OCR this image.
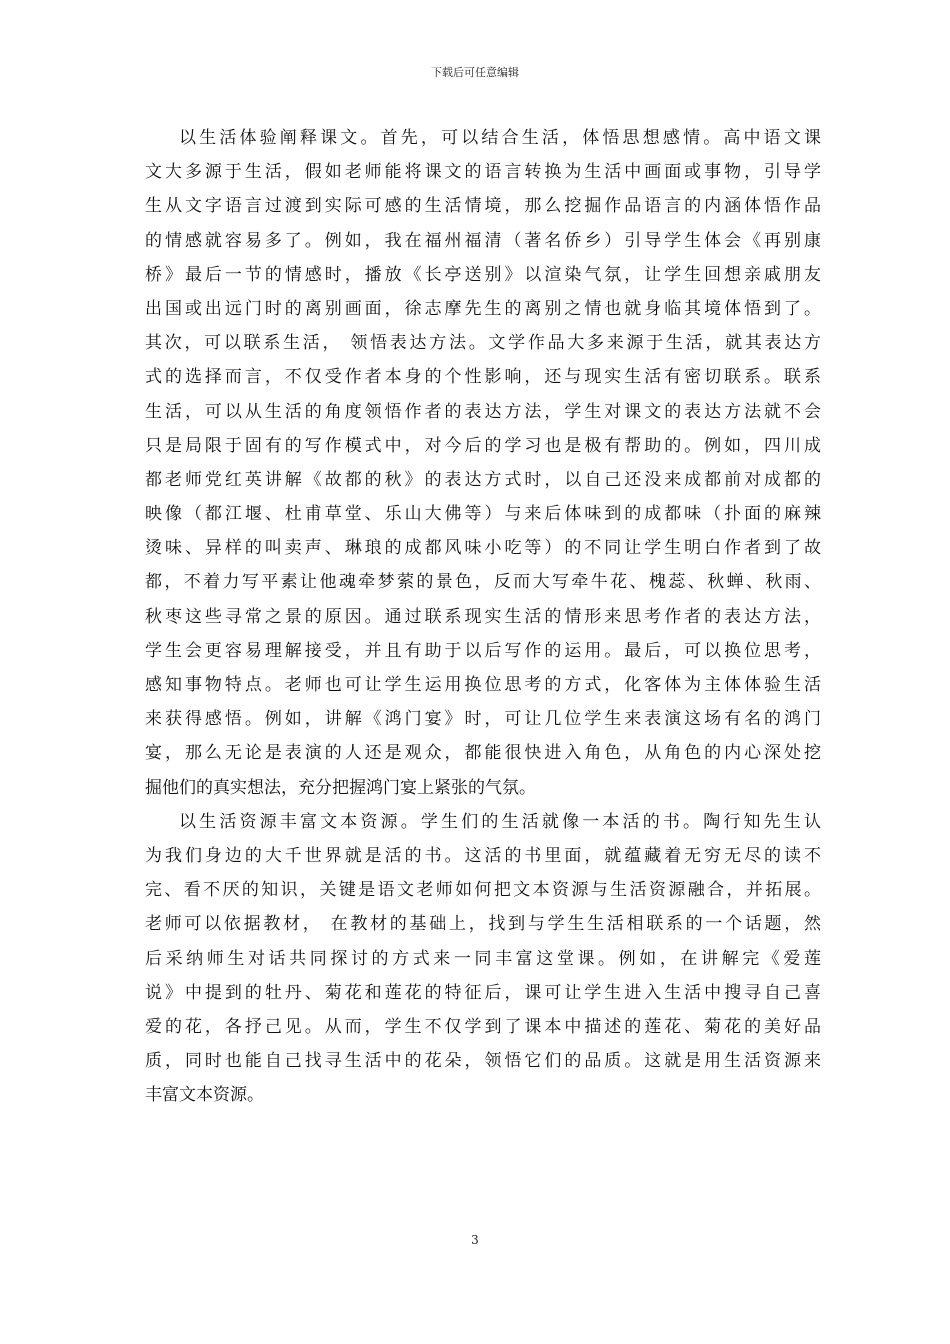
下载后可任意编辑
以生活体验阐释课文。首先，可以结合生活，体悟思想感情。高中语文课
文大多源于生活，假如老师能将课文的语言转换为生活中画面或事物，引导学
生从文字语言过渡到实际可感的生活情境，那么挖掘作品语言的内涵体悟作品
的情感就容易多了。例如，我在福州福清（著名侨乡）引导学生体会《再别康
桥》最后一节的情感时，播放《长亭送别》以渲染气氛，让学生回想亲戚朋友
出国或出远门时的离别画面，徐志摩先生的离别之情也就身临其境体悟到了。
其次，可以联系生活， 领悟表达方法。文学作品大多来源于生活，就其表达方
式的选择而言，不仅受作者本身的个性影响，还与现实生活有密切联系。联系
生活，可以从生活的角度领悟作者的表达方法，学生对课文的表达方法就不会
只是局限于固有的写作模式中，对今后的学习也是极有帮助的。例如，四川成
都老师党红英讲解《故都的秋》的表达方式时，以自己还没来成都前对成都的
映像（都江堰、杜甫草堂、乐山大佛等）与来后体味到的成都味（扑面的麻辣
烫味、异样的叫卖声、琳琅的成都风味小吃等）的不同让学生明白作者到了故
都，不着力写平素让他魂牵梦萦的景色，反而大写牵牛花、槐蕊、秋蝉、秋雨、
秋枣这些寻常之景的原因。通过联系现实生活的情形来思考作者的表达方法，
学生会更容易理解接受，并且有助于以后写作的运用。最后，可以换位思考，
感知事物特点。老师也可让学生运用换位思考的方式，化客体为主体体验生活
来获得感悟。例如，讲解《鸿门宴》时，可让几位学生来表演这场有名的鸿门
宴，那么无论是表演的人还是观众，都能很快进入角色，从角色的内心深处挖
掘他们的真实想法，充分把握鸿门宴上紧张的气氛。
以生活资源丰富文本资源。学生们的生活就像一本活的书。陶行知先生认
为我们身边的大千世界就是活的书。这活的书里面，就蕴藏着无穷无尽的读不
完、看不厌的知识，关键是语文老师如何把文本资源与生活资源融合，并拓展。
老师可以依据教材， 在教材的基础上，找到与学生生活相联系的一个话题，然
后采纳师生对话共同探讨的方式来一同丰富这堂课。例如，在讲解完《爱莲
说》中提到的牡丹、菊花和莲花的特征后，课可让学生进入生活中搜寻自己喜
爱的花，各抒己见。从而，学生不仅学到了课本中描述的莲花、菊花的美好品
质，同时也能自己找寻生活中的花朵，领悟它们的品质。这就是用生活资源来
丰富文本资源。
3
